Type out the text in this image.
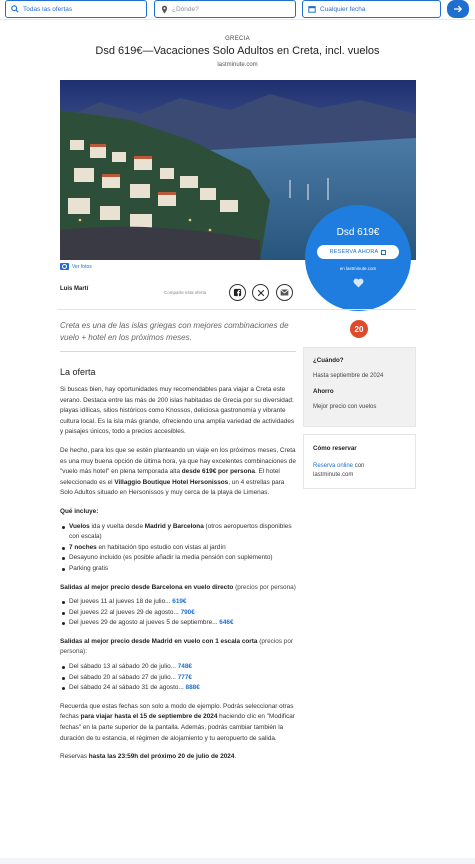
Todas las ofertas	¿Dónde?	Cualquier fecha
GRECIA
Dsd 619€—Vacaciones Solo Adultos en Creta, incl. vuelos
lastminute.com
Ver fotos
Dsd 619€
RESERVA AHORA
en lastminute.com
Luis Martí
Comparte esta oferta
Creta es una de las islas griegas con mejores combinaciones de vuelo + hotel en los próximos meses.
20
¿Cuándo?
Hasta septiembre de 2024
Ahorro
Mejor precio con vuelos
Cómo reservar
Reserva online con lastminute.com
La oferta

Si buscas bien, hay oportunidades muy recomendables para viajar a Creta este verano. Destaca entre las más de 200 islas habitadas de Grecia por su diversidad: playas idílicas, sitios históricos como Knossos, deliciosa gastronomía y vibrante cultura local. Es la isla más grande, ofreciendo una amplia variedad de actividades y paisajes únicos, todo a precios accesibles.

De hecho, para los que se estén planteando un viaje en los próximos meses, Creta es una muy buena opción de última hora, ya que hay excelentes combinaciones de "vuelo más hotel" en plena temporada alta desde 619€ por persona. El hotel seleccionado es el Villaggio Boutique Hotel Hersonissos, un 4 estrellas para Solo Adultos situado en Hersonissos y muy cerca de la playa de Limenas.

Qué incluye:

Vuelos ida y vuelta desde Madrid y Barcelona (otros aeropuertos disponibles con escala)
7 noches en habitación tipo estudio con vistas al jardín
Desayuno incluido (es posible añadir la media pensión con suplemento)
Parking gratis

Salidas al mejor precio desde Barcelona en vuelo directo (precios por persona)

Del jueves 11 al jueves 18 de julio... 619€
Del jueves 22 al jueves 29 de agosto... 790€
Del jueves 29 de agosto al jueves 5 de septiembre... 646€

Salidas al mejor precio desde Madrid en vuelo con 1 escala corta (precios por persona):

Del sábado 13 al sábado 20 de julio... 748€
Del sábado 20 al sábado 27 de julio... 777€
Del sábado 24 al sábado 31 de agosto... 888€

Recuerda que estas fechas son solo a modo de ejemplo. Podrás seleccionar otras fechas para viajar hasta el 15 de septiembre de 2024 haciendo clic en "Modificar fechas" en la parte superior de la pantalla. Además, podrás cambiar también la duración de tu estancia, el régimen de alojamiento y tu aeropuerto de salida.

Reservas hasta las 23:59h del próximo 20 de julio de 2024.
